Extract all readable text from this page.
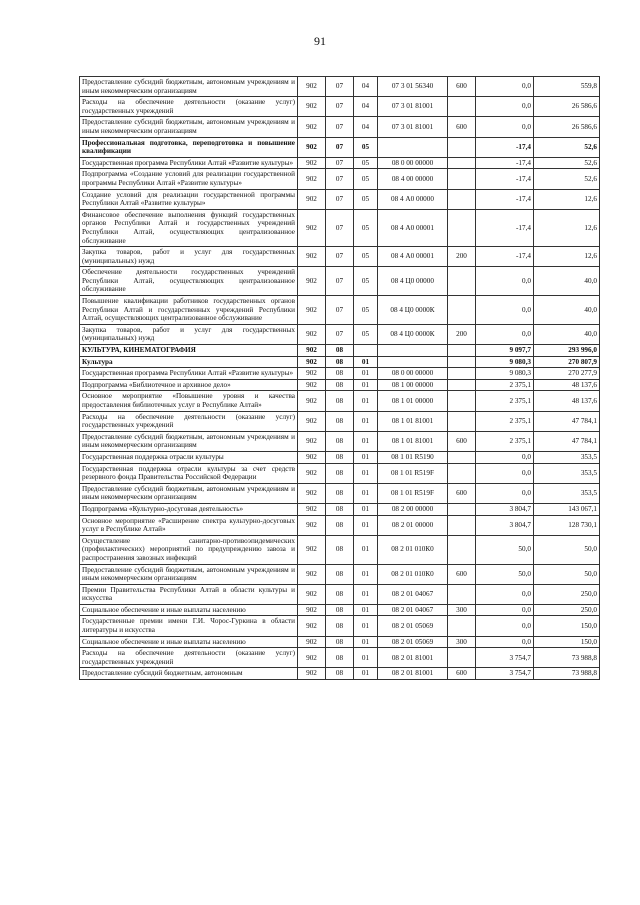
91
Предоставление субсидий бюджетным, автономным учреждениям и иным некоммерческим организациям	902	07	04	07 3 01 56340	600	0,0	559,8
Расходы на обеспечение деятельности (оказание услуг) государственных учреждений	902	07	04	07 3 01 81001		0,0	26 586,6
Предоставление субсидий бюджетным, автономным учреждениям и иным некоммерческим организациям	902	07	04	07 3 01 81001	600	0,0	26 586,6
Профессиональная подготовка, переподготовка и повышение квалификации	902	07	05			-17,4	52,6
Государственная программа Республики Алтай «Развитие культуры»	902	07	05	08 0 00 00000		-17,4	52,6
Подпрограмма «Создание условий для реализации государственной программы Республики Алтай «Развитие культуры»	902	07	05	08 4 00 00000		-17,4	52,6
Создание условий для реализации государственной программы Республики Алтай «Развитие культуры»	902	07	05	08 4 А0 00000		-17,4	12,6
Финансовое обеспечение выполнения функций государственных органов Республики Алтай и государственных учреждений Республики Алтай, осуществляющих централизованное обслуживание	902	07	05	08 4 А0 00001		-17,4	12,6
Закупка товаров, работ и услуг для государственных (муниципальных) нужд	902	07	05	08 4 А0 00001	200	-17,4	12,6
Обеспечение деятельности государственных учреждений Республики Алтай, осуществляющих централизованное обслуживание	902	07	05	08 4 Ц0 00000		0,0	40,0
Повышение квалификации работников государственных органов Республики Алтай и государственных учреждений Республики Алтай, осуществляющих централизованное обслуживание	902	07	05	08 4 Ц0 0000К		0,0	40,0
Закупка товаров, работ и услуг для государственных (муниципальных) нужд	902	07	05	08 4 Ц0 0000К	200	0,0	40,0
КУЛЬТУРА, КИНЕМАТОГРАФИЯ	902	08				9 097,7	293 996,0
Культура	902	08	01			9 080,3	270 807,9
Государственная программа Республики Алтай «Развитие культуры»	902	08	01	08 0 00 00000		9 080,3	270 277,9
Подпрограмма «Библиотечное и архивное дело»	902	08	01	08 1 00 00000		2 375,1	48 137,6
Основное мероприятие «Повышение уровня и качества предоставления библиотечных услуг в Республике Алтай»	902	08	01	08 1 01 00000		2 375,1	48 137,6
Расходы на обеспечение деятельности (оказание услуг) государственных учреждений	902	08	01	08 1 01 81001		2 375,1	47 784,1
Предоставление субсидий бюджетным, автономным учреждениям и иным некоммерческим организациям	902	08	01	08 1 01 81001	600	2 375,1	47 784,1
Государственная поддержка отрасли культуры	902	08	01	08 1 01 R5190		0,0	353,5
Государственная поддержка отрасли культуры за счет средств резервного фонда Правительства Российской Федерации	902	08	01	08 1 01 R519F		0,0	353,5
Предоставление субсидий бюджетным, автономным учреждениям и иным некоммерческим организациям	902	08	01	08 1 01 R519F	600	0,0	353,5
Подпрограмма «Культурно-досуговая деятельность»	902	08	01	08 2 00 00000		3 804,7	143 067,1
Основное мероприятие «Расширение спектра культурно-досуговых услуг в Республике Алтай»	902	08	01	08 2 01 00000		3 804,7	128 730,1
Осуществление санитарно-противоэпидемических (профилактических) мероприятий по предупреждению завоза и распространения завозных инфекций	902	08	01	08 2 01 010К0		50,0	50,0
Предоставление субсидий бюджетным, автономным учреждениям и иным некоммерческим организациям	902	08	01	08 2 01 010К0	600	50,0	50,0
Премии Правительства Республики Алтай в области культуры и искусства	902	08	01	08 2 01 04067		0,0	250,0
Социальное обеспечение и иные выплаты населению	902	08	01	08 2 01 04067	300	0,0	250,0
Государственные премии имени Г.И. Чорос-Гуркина в области литературы и искусства	902	08	01	08 2 01 05069		0,0	150,0
Социальное обеспечение и иные выплаты населению	902	08	01	08 2 01 05069	300	0,0	150,0
Расходы на обеспечение деятельности (оказание услуг) государственных учреждений	902	08	01	08 2 01 81001		3 754,7	73 988,8
Предоставление субсидий бюджетным, автономным	902	08	01	08 2 01 81001	600	3 754,7	73 988,8
